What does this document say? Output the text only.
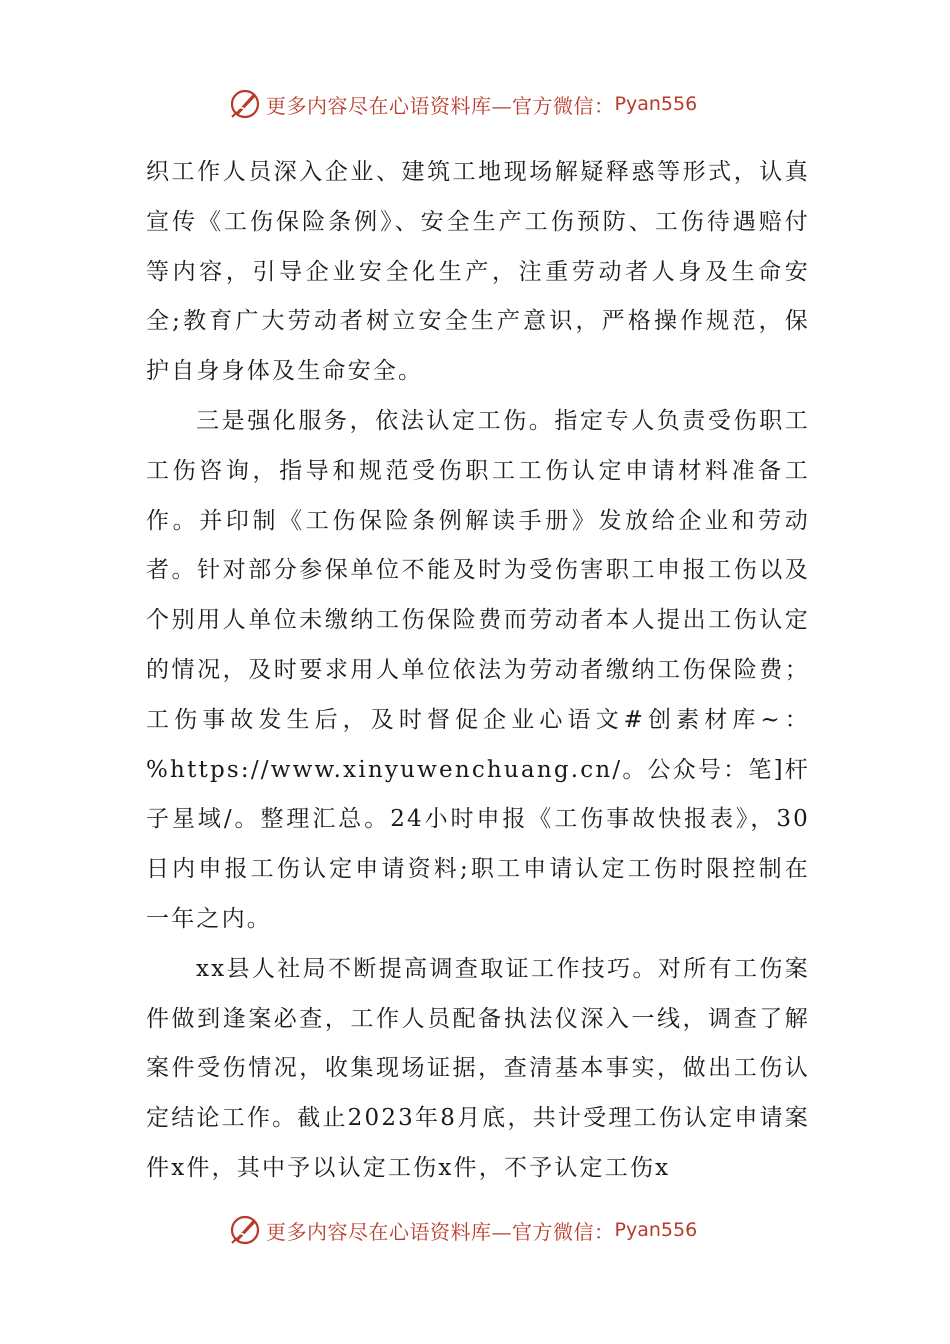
更多内容尽在心语资料库—官方微信： Pyan556

织工作人员深入企业、建筑工地现场解疑释惑等形式，认真宣传《工伤保险条例》、安全生产工伤预防、工伤待遇赔付等内容，引导企业安全化生产，注重劳动者人身及生命安全;教育广大劳动者树立安全生产意识，严格操作规范，保护自身身体及生命安全。

三是强化服务，依法认定工伤。指定专人负责受伤职工工伤咨询，指导和规范受伤职工工伤认定申请材料准备工作。并印制《工伤保险条例解读手册》发放给企业和劳动者。针对部分参保单位不能及时为受伤害职工申报工伤以及个别用人单位未缴纳工伤保险费而劳动者本人提出工伤认定的情况，及时要求用人单位依法为劳动者缴纳工伤保险费；工伤事故发生后，及时督促企业心语文#创素材库~：%https://www.xinyuwenchuang.cn/。公众号：笔]杆子星域/。整理汇总。24小时申报《工伤事故快报表》，30日内申报工伤认定申请资料;职工申请认定工伤时限控制在一年之内。

xx县人社局不断提高调查取证工作技巧。对所有工伤案件做到逢案必查，工作人员配备执法仪深入一线，调查了解案件受伤情况，收集现场证据，查清基本事实，做出工伤认定结论工作。截止2023年8月底，共计受理工伤认定申请案件x件，其中予以认定工伤x件，不予认定工伤x

更多内容尽在心语资料库—官方微信： Pyan556
